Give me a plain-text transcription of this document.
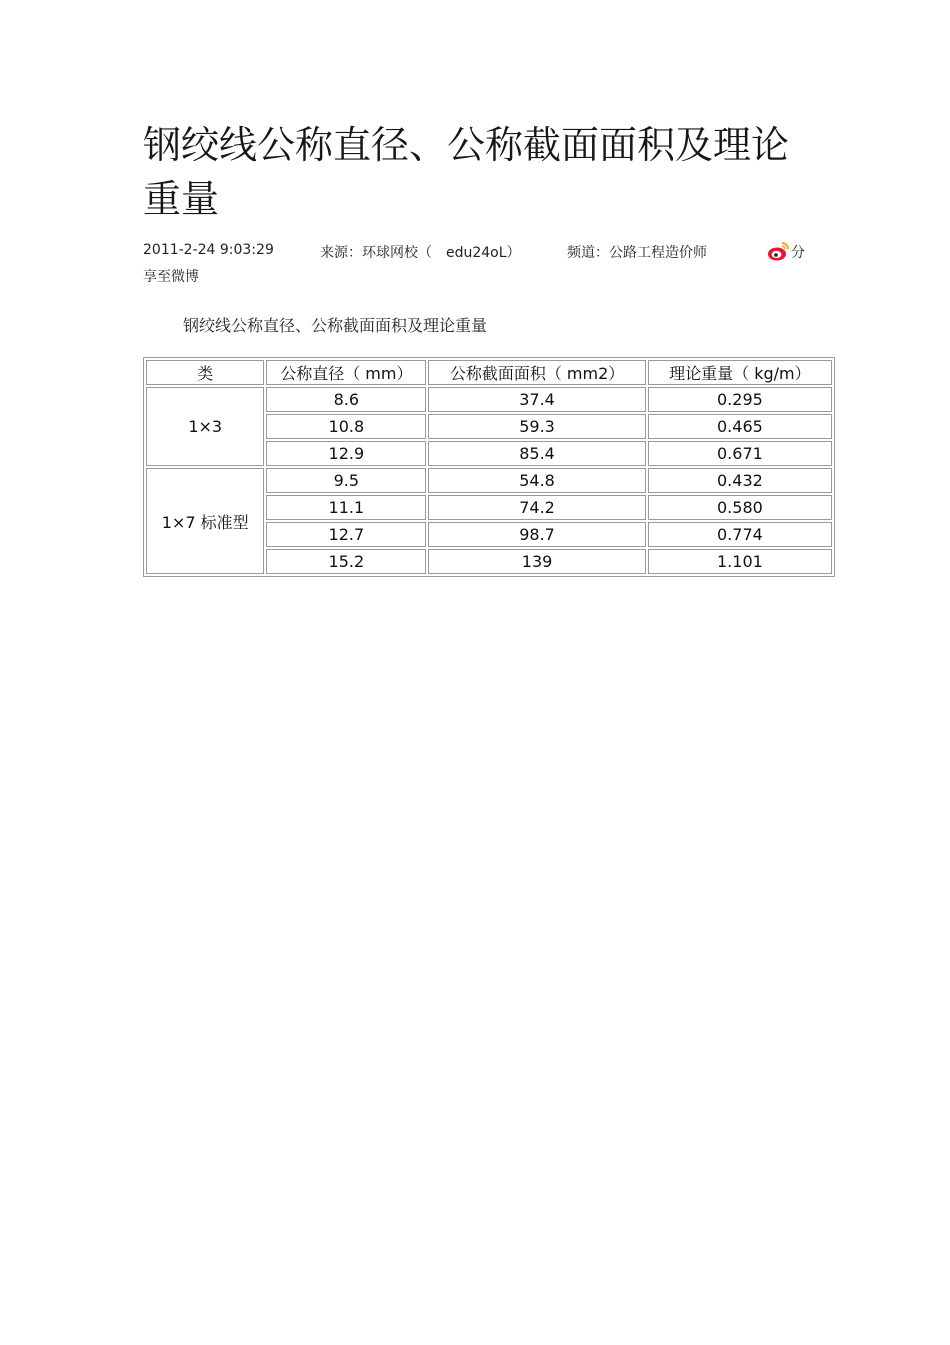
钢绞线公称直径、公称截面面积及理论重量
2011-2-24 9:03:29	来源：环球网校（　edu24oL）	频道：公路工程造价师	分
享至微博
钢绞线公称直径、公称截面面积及理论重量
类	公称直径（ mm）	公称截面面积（ mm2）	理论重量（ kg/m）
1×3	8.6	37.4	0.295
	10.8	59.3	0.465
	12.9	85.4	0.671
1×7 标准型	9.5	54.8	0.432
	11.1	74.2	0.580
	12.7	98.7	0.774
	15.2	139	1.101
